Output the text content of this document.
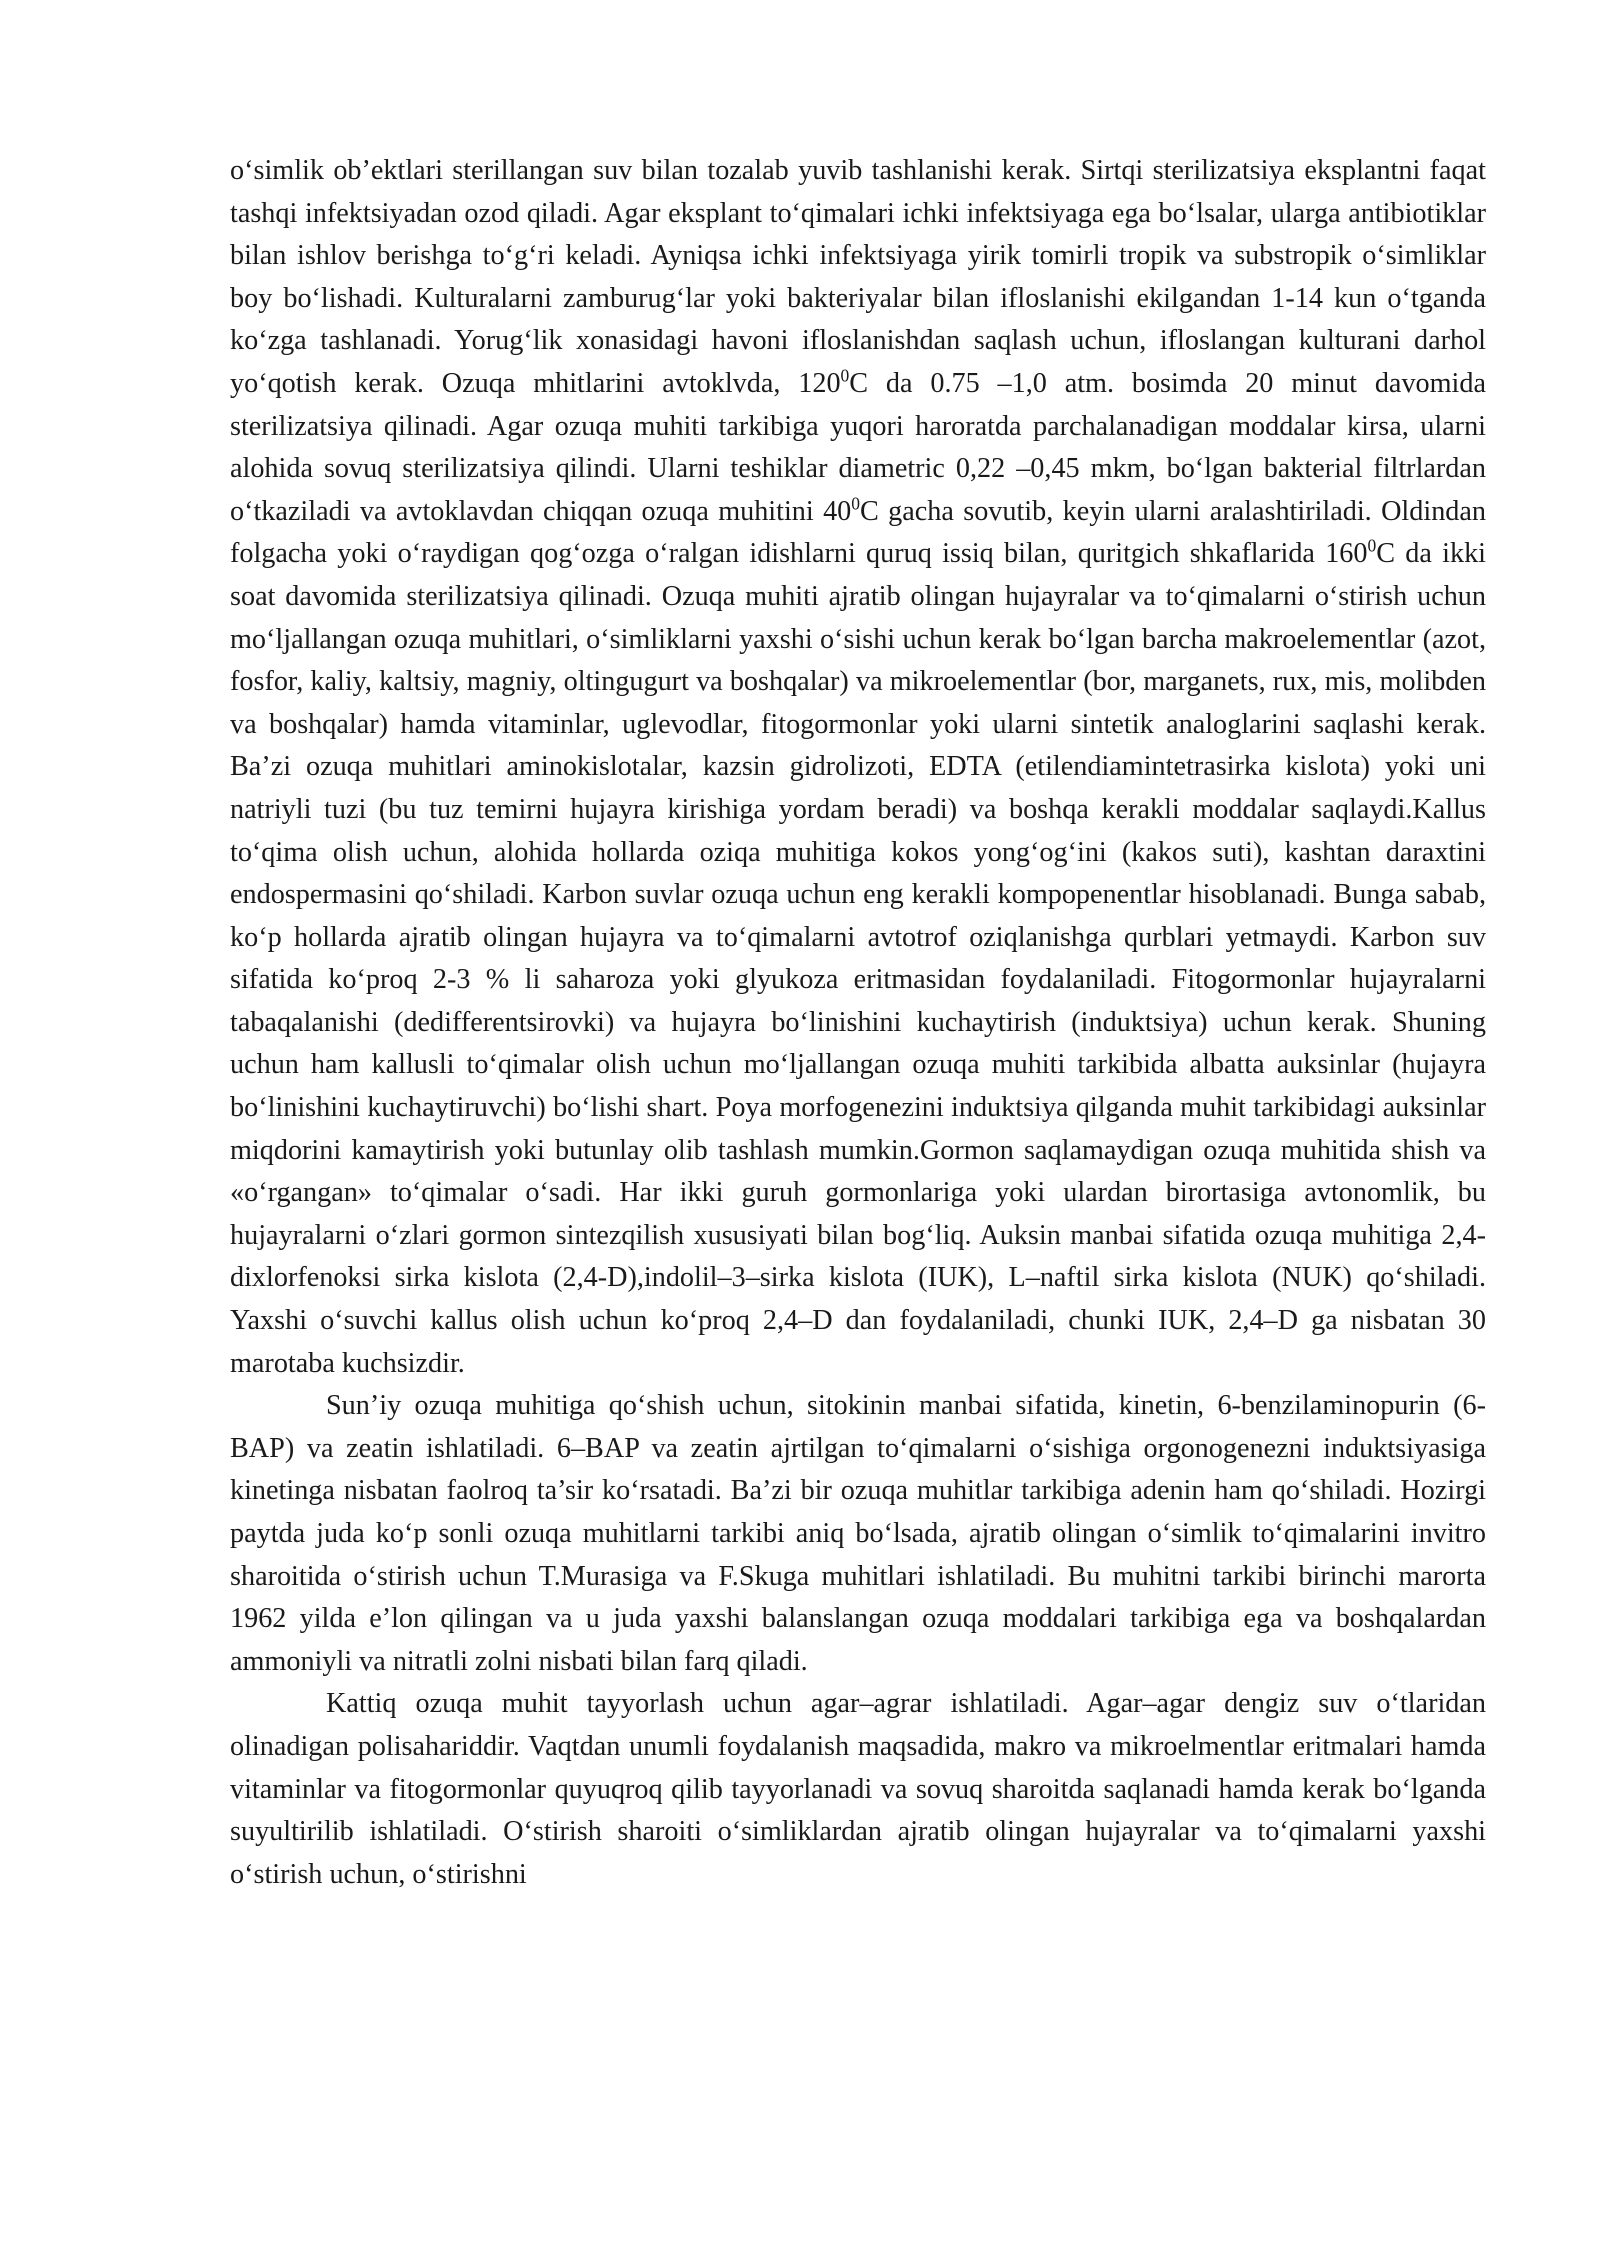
o‘simlik ob’ektlari sterillangan suv bilan tozalab yuvib tashlanishi kerak. Sirtqi sterilizatsiya eksplantni faqat tashqi infektsiyadan ozod qiladi. Agar eksplant to‘qimalari ichki infektsiyaga ega bo‘lsalar, ularga antibiotiklar bilan ishlov berishga to‘g‘ri keladi. Ayniqsa ichki infektsiyaga yirik tomirli tropik va substropik o‘simliklar boy bo‘lishadi. Kulturalarni zamburug‘lar yoki bakteriyalar bilan ifloslanishi ekilgandan 1-14 kun o‘tganda ko‘zga tashlanadi. Yorug‘lik xonasidagi havoni ifloslanishdan saqlash uchun, ifloslangan kulturani darhol yo‘qotish kerak. Ozuqa mhitlarini avtoklvda, $120^0C$ da 0.75 –1,0 atm. bosimda 20 minut davomida sterilizatsiya qilinadi. Agar ozuqa muhiti tarkibiga yuqori haroratda parchalanadigan moddalar kirsa, ularni alohida sovuq sterilizatsiya qilindi. Ularni teshiklar diametric 0,22 –0,45 mkm, bo‘lgan bakterial filtrlardan o‘tkaziladi va avtoklavdan chiqqan ozuqa muhitini $40^0C$ gacha sovutib, keyin ularni aralashtiriladi. Oldindan folgacha yoki o‘raydigan qog‘ozga o‘ralgan idishlarni quruq issiq bilan, quritgich shkaflarida $160^0C$ da ikki soat davomida sterilizatsiya qilinadi. Ozuqa muhiti ajratib olingan hujayralar va to‘qimalarni o‘stirish uchun mo‘ljallangan ozuqa muhitlari, o‘simliklarni yaxshi o‘sishi uchun kerak bo‘lgan barcha makroelementlar (azot, fosfor, kaliy, kaltsiy, magniy, oltingugurt va boshqalar) va mikroelementlar (bor, marganets, rux, mis, molibden va boshqalar) hamda vitaminlar, uglevodlar, fitogormonlar yoki ularni sintetik analoglarini saqlashi kerak. Ba’zi ozuqa muhitlari aminokislotalar, kazsin gidrolizoti, EDTA (etilendiamintetrasirka kislota) yoki uni natriyli tuzi (bu tuz temirni hujayra kirishiga yordam beradi) va boshqa kerakli moddalar saqlaydi.Kallus to‘qima olish uchun, alohida hollarda oziqa muhitiga kokos yong‘og‘ini (kakos suti), kashtan daraxtini endospermasini qo‘shiladi. Karbon suvlar ozuqa uchun eng kerakli kompopenentlar hisoblanadi. Bunga sabab, ko‘p hollarda ajratib olingan hujayra va to‘qimalarni avtotrof oziqlanishga qurblari yetmaydi. Karbon suv sifatida ko‘proq 2-3 % li saharoza yoki glyukoza eritmasidan foydalaniladi. Fitogormonlar hujayralarni tabaqalanishi (dedifferentsirovki) va hujayra bo‘linishini kuchaytirish (induktsiya) uchun kerak. Shuning uchun ham kallusli to‘qimalar olish uchun mo‘ljallangan ozuqa muhiti tarkibida albatta auksinlar (hujayra bo‘linishini kuchaytiruvchi) bo‘lishi shart. Poya morfogenezini induktsiya qilganda muhit tarkibidagi auksinlar miqdorini kamaytirish yoki butunlay olib tashlash mumkin.Gormon saqlamaydigan ozuqa muhitida shish va «o‘rgangan» to‘qimalar o‘sadi. Har ikki guruh gormonlariga yoki ulardan birortasiga avtonomlik, bu hujayralarni o‘zlari gormon sintezqilish xususiyati bilan bog‘liq. Auksin manbai sifatida ozuqa muhitiga 2,4-dixlorfenoksi sirka kislota (2,4-D),indolil–3–sirka kislota (IUK), L–naftil sirka kislota (NUK) qo‘shiladi. Yaxshi o‘suvchi kallus olish uchun ko‘proq 2,4–D dan foydalaniladi, chunki IUK, 2,4–D ga nisbatan 30 marotaba kuchsizdir.

Sun’iy ozuqa muhitiga qo‘shish uchun, sitokinin manbai sifatida, kinetin, 6-benzilaminopurin (6-BAP) va zeatin ishlatiladi. 6–BAP va zeatin ajrtilgan to‘qimalarni o‘sishiga orgonogenezni induktsiyasiga kinetinga nisbatan faolroq ta’sir ko‘rsatadi. Ba’zi bir ozuqa muhitlar tarkibiga adenin ham qo‘shiladi. Hozirgi paytda juda ko‘p sonli ozuqa muhitlarni tarkibi aniq bo‘lsada, ajratib olingan o‘simlik to‘qimalarini invitro sharoitida o‘stirish uchun T.Murasiga va F.Skuga muhitlari ishlatiladi. Bu muhitni tarkibi birinchi marorta 1962 yilda e’lon qilingan va u juda yaxshi balanslangan ozuqa moddalari tarkibiga ega va boshqalardan ammoniyli va nitratli zolni nisbati bilan farq qiladi.

Kattiq ozuqa muhit tayyorlash uchun agar–agrar ishlatiladi. Agar–agar dengiz suv o‘tlaridan olinadigan polisahariddir. Vaqtdan unumli foydalanish maqsadida, makro va mikroelmentlar eritmalari hamda vitaminlar va fitogormonlar quyuqroq qilib tayyorlanadi va sovuq sharoitda saqlanadi hamda kerak bo‘lganda suyultirilib ishlatiladi. O‘stirish sharoiti o‘simliklardan ajratib olingan hujayralar va to‘qimalarni yaxshi o‘stirish uchun, o‘stirishni
